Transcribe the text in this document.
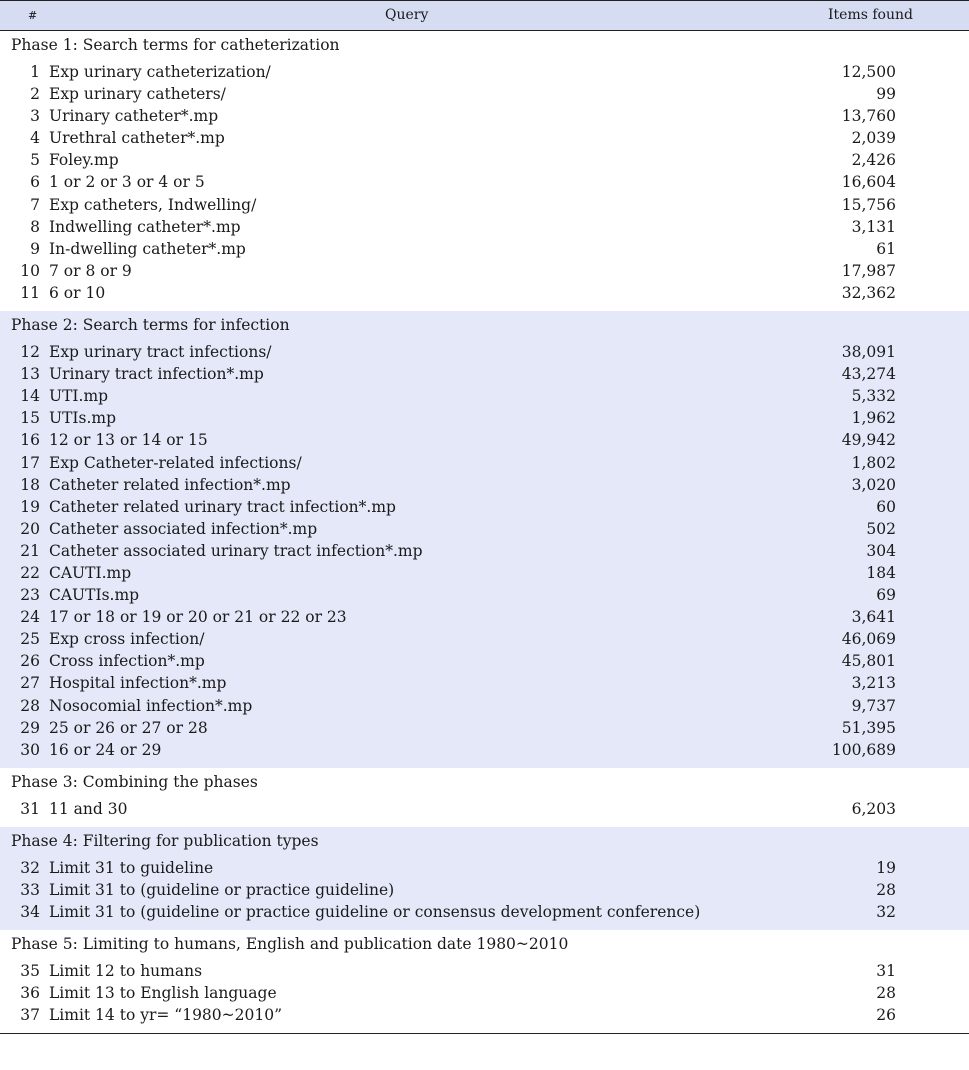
#	Query	Items found
Phase 1: Search terms for catheterization
1 Exp urinary catheterization/	12,500
2 Exp urinary catheters/	99
3 Urinary catheter*.mp	13,760
4 Urethral catheter*.mp	2,039
5 Foley.mp	2,426
6 1 or 2 or 3 or 4 or 5	16,604
7 Exp catheters, Indwelling/	15,756
8 Indwelling catheter*.mp	3,131
9 In-dwelling catheter*.mp	61
10 7 or 8 or 9	17,987
11 6 or 10	32,362
Phase 2: Search terms for infection
12 Exp urinary tract infections/	38,091
13 Urinary tract infection*.mp	43,274
14 UTI.mp	5,332
15 UTIs.mp	1,962
16 12 or 13 or 14 or 15	49,942
17 Exp Catheter-related infections/	1,802
18 Catheter related infection*.mp	3,020
19 Catheter related urinary tract infection*.mp	60
20 Catheter associated infection*.mp	502
21 Catheter associated urinary tract infection*.mp	304
22 CAUTI.mp	184
23 CAUTIs.mp	69
24 17 or 18 or 19 or 20 or 21 or 22 or 23	3,641
25 Exp cross infection/	46,069
26 Cross infection*.mp	45,801
27 Hospital infection*.mp	3,213
28 Nosocomial infection*.mp	9,737
29 25 or 26 or 27 or 28	51,395
30 16 or 24 or 29	100,689
Phase 3: Combining the phases
31 11 and 30	6,203
Phase 4: Filtering for publication types
32 Limit 31 to guideline	19
33 Limit 31 to (guideline or practice guideline)	28
34 Limit 31 to (guideline or practice guideline or consensus development conference)	32
Phase 5: Limiting to humans, English and publication date 1980~2010
35 Limit 12 to humans	31
36 Limit 13 to English language	28
37 Limit 14 to yr= “1980~2010”	26
